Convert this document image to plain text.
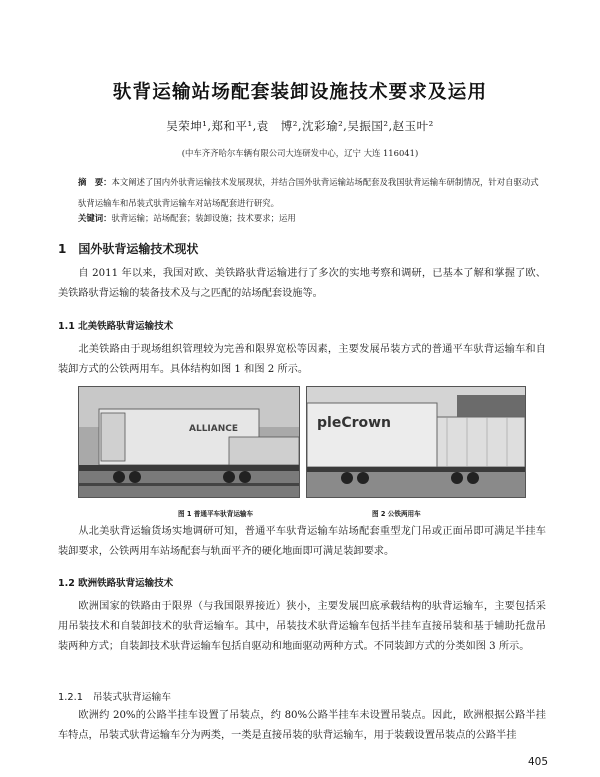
驮背运输站场配套装卸设施技术要求及运用
吴荣坤¹,郑和平¹,袁　博²,沈彩瑜²,吴振国²,赵玉叶²
(中车齐齐哈尔车辆有限公司大连研发中心，辽宁 大连 116041)
摘　要：本文阐述了国内外驮背运输技术发展现状，并结合国外驮背运输站场配套及我国驮背运输车研制情况，针对自驱动式驮背运输车和吊装式驮背运输车对站场配套进行研究。
关键词：驮背运输；站场配套；装卸设施；技术要求；运用
1　国外驮背运输技术现状
自 2011 年以来，我国对欧、美铁路驮背运输进行了多次的实地考察和调研，已基本了解和掌握了欧、美铁路驮背运输的装备技术及与之匹配的站场配套设施等。
1.1 北美铁路驮背运输技术
北美铁路由于现场组织管理较为完善和限界宽松等因素，主要发展吊装方式的普通平车驮背运输车和自装卸方式的公铁两用车。具体结构如图 1 和图 2 所示。
ALLIANCE	pleCrown
图 1 普通平车驮背运输车	图 2 公铁两用车
从北美驮背运输货场实地调研可知，普通平车驮背运输车站场配套重型龙门吊或正面吊即可满足半挂车装卸要求，公铁两用车站场配套与轨面平齐的硬化地面即可满足装卸要求。
1.2 欧洲铁路驮背运输技术
欧洲国家的铁路由于限界（与我国限界接近）狭小，主要发展凹底承载结构的驮背运输车，主要包括采用吊装技术和自装卸技术的驮背运输车。其中，吊装技术驮背运输车包括半挂车直接吊装和基于辅助托盘吊装两种方式；自装卸技术驮背运输车包括自驱动和地面驱动两种方式。不同装卸方式的分类如图 3 所示。
1.2.1　吊装式驮背运输车
欧洲约 20%的公路半挂车设置了吊装点，约 80%公路半挂车未设置吊装点。因此，欧洲根据公路半挂车特点，吊装式驮背运输车分为两类，一类是直接吊装的驮背运输车，用于装载设置吊装点的公路半挂
405
